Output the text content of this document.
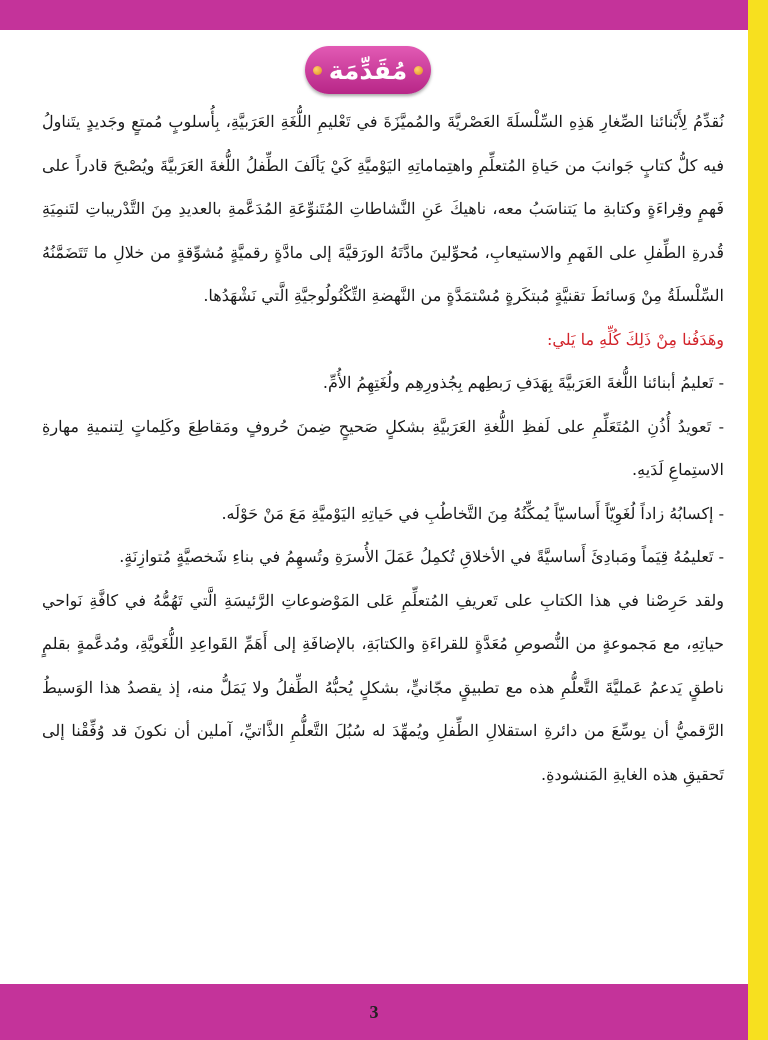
مُقَدِّمَة

نُقدِّمُ لِأَبْنائنا الصِّغارِ هَذِهِ السِّلْسلَةَ العَصْريَّةَ والمُميَّزَةَ في تَعْليمِ اللُّغَةِ العَرَبيَّةِ، بِأُسلوبٍ مُمتعٍ وجَديدٍ يتَناولُ فيه كلُّ كتابٍ جَوانبَ من حَياةِ المُتعلِّمِ واهتِماماتِهِ اليَوْميَّةِ كَيْ يَألَفَ الطِّفلُ اللُّغةَ العَرَبيَّةَ ويُصْبحَ قادراً على فَهمٍ وقِراءَةٍ وكتابةِ ما يَتناسَبُ معه، ناهيكَ عَنِ النَّشاطاتِ المُتَنوِّعَةِ المُدَعَّمةِ بالعديدِ مِنَ التَّدْريباتِ لتَنمِيَةِ قُدرةِ الطِّفلِ على الفَهمِ والاستيعابِ، مُحوِّلينَ مادَّتَهُ الورَقيَّةَ إلى مادَّةٍ رقميَّةٍ مُشوِّقةٍ من خلالِ ما تَتَضَمَّنُهُ السِّلْسلَةُ مِنْ وَسائطَ تقنيَّةٍ مُبتكَرةٍ مُسْتمَدَّةٍ من النَّهضةِ التِّكْنُولُوجيَّةِ الَّتي نَشْهَدُها.

وهَدَفُنا مِنْ ذَلِكَ كُلِّهِ ما يَلي:

- تَعليمُ أبنائنا اللُّغةَ العَرَبيَّةَ بِهَدَفِ رَبطِهم بِجُذورِهِم ولُغَتِهِمُ الأُمِّ.

- تَعويدُ أُذُنِ المُتَعَلِّمِ على لَفظِ اللُّغةِ العَرَبيَّةِ بشكلٍ صَحيحٍ ضِمنَ حُروفٍ ومَقاطِعَ وكَلِماتٍ لِتنميةِ مهارةِ الاستِماعِ لَدَيهِ.

- إكسابُهُ زاداً لُغَوِيّاً أَساسيّاً يُمكِّنُهُ مِنَ التَّخاطُبِ في حَياتِهِ اليَوْميَّةِ مَعَ مَنْ حَوْلَه.

- تَعليمُهُ قِيَماً ومَبادِئَ أَساسيَّةً في الأخلاقِ تُكمِلُ عَمَلَ الأُسرَةِ وتُسهِمُ في بناءِ شَخصيَّةٍ مُتوازِنَةٍ.

ولقد حَرِصْنا في هذا الكتابِ على تَعريفِ المُتعلِّمِ عَلى المَوْضوعاتِ الرَّئيسَةِ الَّتي تَهُمُّهُ في كافَّةِ نَواحي حياتِهِ، مع مَجموعةٍ من النُّصوصِ مُعَدَّةٍ للقراءَةِ والكتابَةِ، بالإضافَةِ إلى أَهَمِّ القَواعِدِ اللُّغَويَّةِ، ومُدعَّمةٍ بقلمٍ ناطقٍ يَدعمُ عَمليَّةَ التَّعلُّمِ هذه مع تطبيقٍ مجّانيٍّ، بشكلٍ يُحبُّهُ الطِّفلُ ولا يَمَلُّ منه، إذ يقصدُ هذا الوَسيطُ الرَّقميُّ أن يوسِّعَ من دائرةِ استقلالِ الطِّفلِ ويُمهِّدَ له سُبُلَ التَّعلُّمِ الذَّاتيِّ، آملين أن نكونَ قد وُفِّقْنا إلى تَحقيقِ هذه الغايةِ المَنشودةِ.

3
